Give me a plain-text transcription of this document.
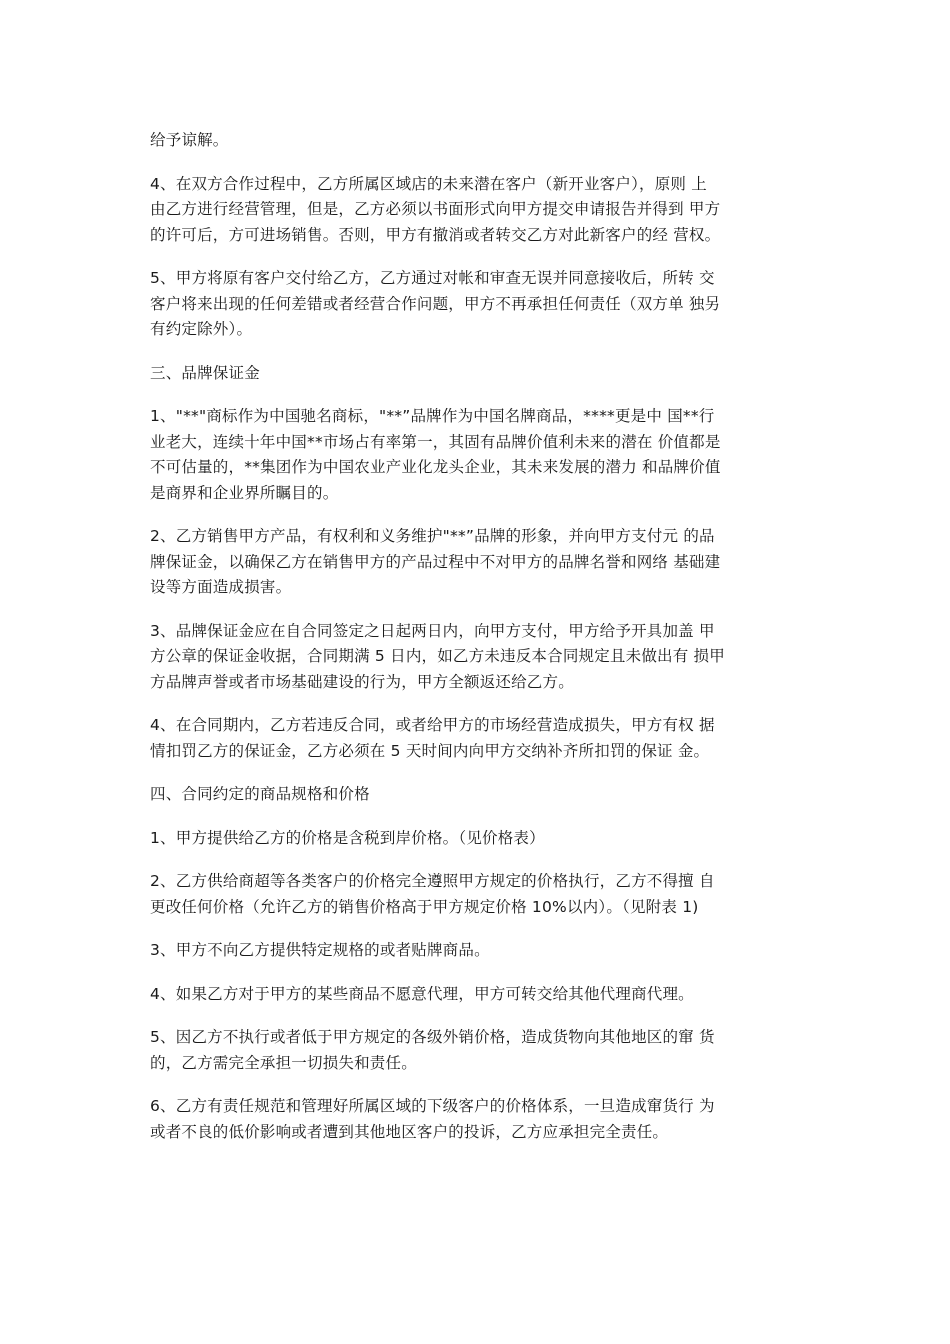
给予谅解。
4、在双方合作过程中，乙方所属区域店的未来潜在客户（新开业客户），原则 上
由乙方进行经营管理，但是，乙方必须以书面形式向甲方提交申请报告并得到 甲方
的许可后，方可进场销售。否则，甲方有撤消或者转交乙方对此新客户的经 营权。
5、甲方将原有客户交付给乙方，乙方通过对帐和审查无误并同意接收后，所转 交
客户将来出现的任何差错或者经营合作问题，甲方不再承担任何责任（双方单 独另
有约定除外）。
三、品牌保证金
1、"**"商标作为中国驰名商标，"**”品牌作为中国名牌商品，****更是中 国**行
业老大，连续十年中国**市场占有率第一，其固有品牌价值利未来的潜在 价值都是
不可估量的，**集团作为中国农业产业化龙头企业，其未来发展的潜力 和品牌价值
是商界和企业界所瞩目的。
2、乙方销售甲方产品，有权利和义务维护"**”品牌的形象，并向甲方支付元 的品
牌保证金，以确保乙方在销售甲方的产品过程中不对甲方的品牌名誉和网络 基础建
设等方面造成损害。
3、品牌保证金应在自合同签定之日起两日内，向甲方支付，甲方给予开具加盖 甲
方公章的保证金收据，合同期满 5 日内，如乙方未违反本合同规定且未做出有 损甲
方品牌声誉或者市场基础建设的行为，甲方全额返还给乙方。
4、在合同期内，乙方若违反合同，或者给甲方的市场经营造成损失，甲方有权 据
情扣罚乙方的保证金，乙方必须在 5 天时间内向甲方交纳补齐所扣罚的保证 金。
四、合同约定的商品规格和价格
1、甲方提供给乙方的价格是含税到岸价格。（见价格表）
2、乙方供给商超等各类客户的价格完全遵照甲方规定的价格执行，乙方不得擅 自
更改任何价格（允许乙方的销售价格高于甲方规定价格 10%以内）。（见附表 1)
3、甲方不向乙方提供特定规格的或者贴牌商品。
4、如果乙方对于甲方的某些商品不愿意代理，甲方可转交给其他代理商代理。
5、因乙方不执行或者低于甲方规定的各级外销价格，造成货物向其他地区的窜 货
的，乙方需完全承担一切损失和责任。
6、乙方有责任规范和管理好所属区域的下级客户的价格体系，一旦造成窜货行 为
或者不良的低价影响或者遭到其他地区客户的投诉，乙方应承担完全责任。
